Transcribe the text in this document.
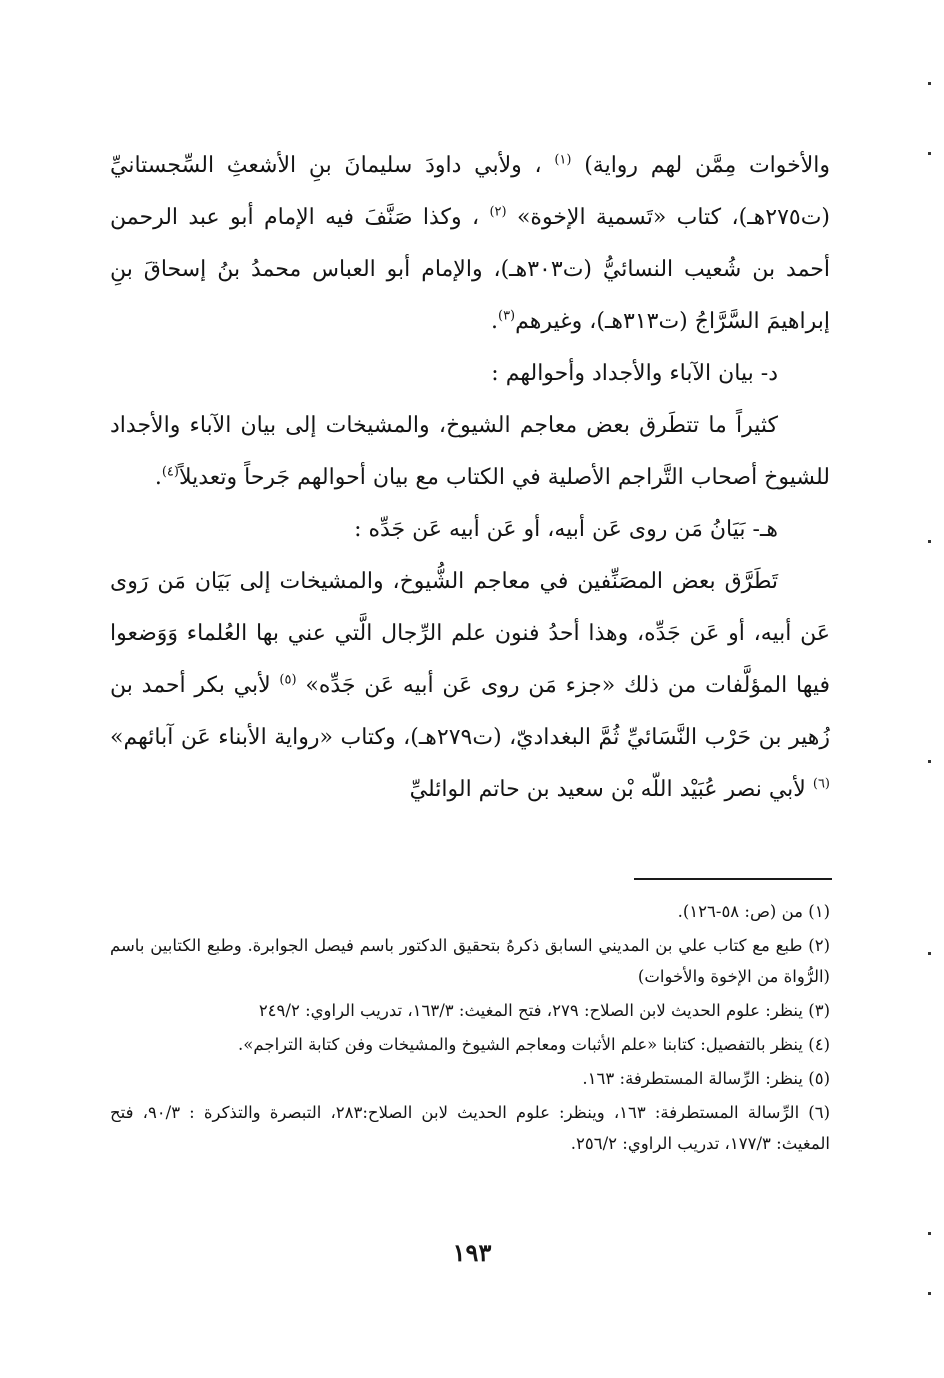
والأخوات مِمَّن لهم رواية) $^{(١)}$ ، ولأبي داودَ سليمانَ بنِ الأشعثِ السِّجستانيِّ (ت٢٧٥هـ)، كتاب «تَسمية الإخوة» $^{(٢)}$ ، وكذا صَنَّفَ فيه الإمام أبو عبد الرحمن أحمد بن شُعيب النسائيُّ (ت٣٠٣هـ)، والإمام أبو العباس محمدُ بنُ إسحاقَ بنِ إبراهيمَ السَّرَّاجُ (ت٣١٣هـ)، وغيرهم$^{(٣)}$.

د- بيان الآباء والأجداد وأحوالهم :

كثيراً ما تتطَرق بعض معاجم الشيوخ، والمشيخات إلى بيان الآباء والأجداد للشيوخ أصحاب التَّراجم الأصلية في الكتاب مع بيان أحوالهم جَرحاً وتعديلاً$^{(٤)}$.

هـ- بَيَانُ مَن روى عَن أبيه، أو عَن أبيه عَن جَدِّه :

تَطَرَّق بعض المصَنِّفين في معاجم الشُّيوخ، والمشيخات إلى بَيَان مَن رَوى عَن أبيه، أو عَن جَدِّه، وهذا أحدُ فنون علم الرِّجال الَّتي عني بها العُلماء وَوَضعوا فيها المؤلَّفات من ذلك «جزء مَن روى عَن أبيه عَن جَدِّه» $^{(٥)}$ لأبي بكر أحمد بن زُهير بن حَرْب النَّسَائيِّ ثُمَّ البغداديّ، (ت٢٧٩هـ)، وكتاب «رواية الأبناء عَن آبائهم» $^{(٦)}$ لأبي نصر عُبَيْد اللّه بْن سعيد بن حاتم الوائليِّ

(١) من (ص: ٥٨-١٢٦).

(٢) طبع مع كتاب علي بن المديني السابق ذكرهُ بتحقيق الدكتور باسم فيصل الجوابرة. وطبع الكتابين باسم (الرُّواة من الإخوة والأخوات)

(٣) ينظر: علوم الحديث لابن الصلاح: ٢٧٩، فتح المغيث: ١٦٣/٣، تدريب الراوي: ٢٤٩/٢

(٤) ينظر بالتفصيل: كتابنا «علم الأثبات ومعاجم الشيوخ والمشيخات وفن كتابة التراجم».

(٥) ينظر: الرِّسالة المستطرفة: ١٦٣.

(٦) الرِّسالة المستطرفة: ١٦٣، وينظر: علوم الحديث لابن الصلاح:٢٨٣، التبصرة والتذكرة : ٩٠/٣، فتح المغيث: ١٧٧/٣، تدريب الراوي: ٢٥٦/٢.

١٩٣
